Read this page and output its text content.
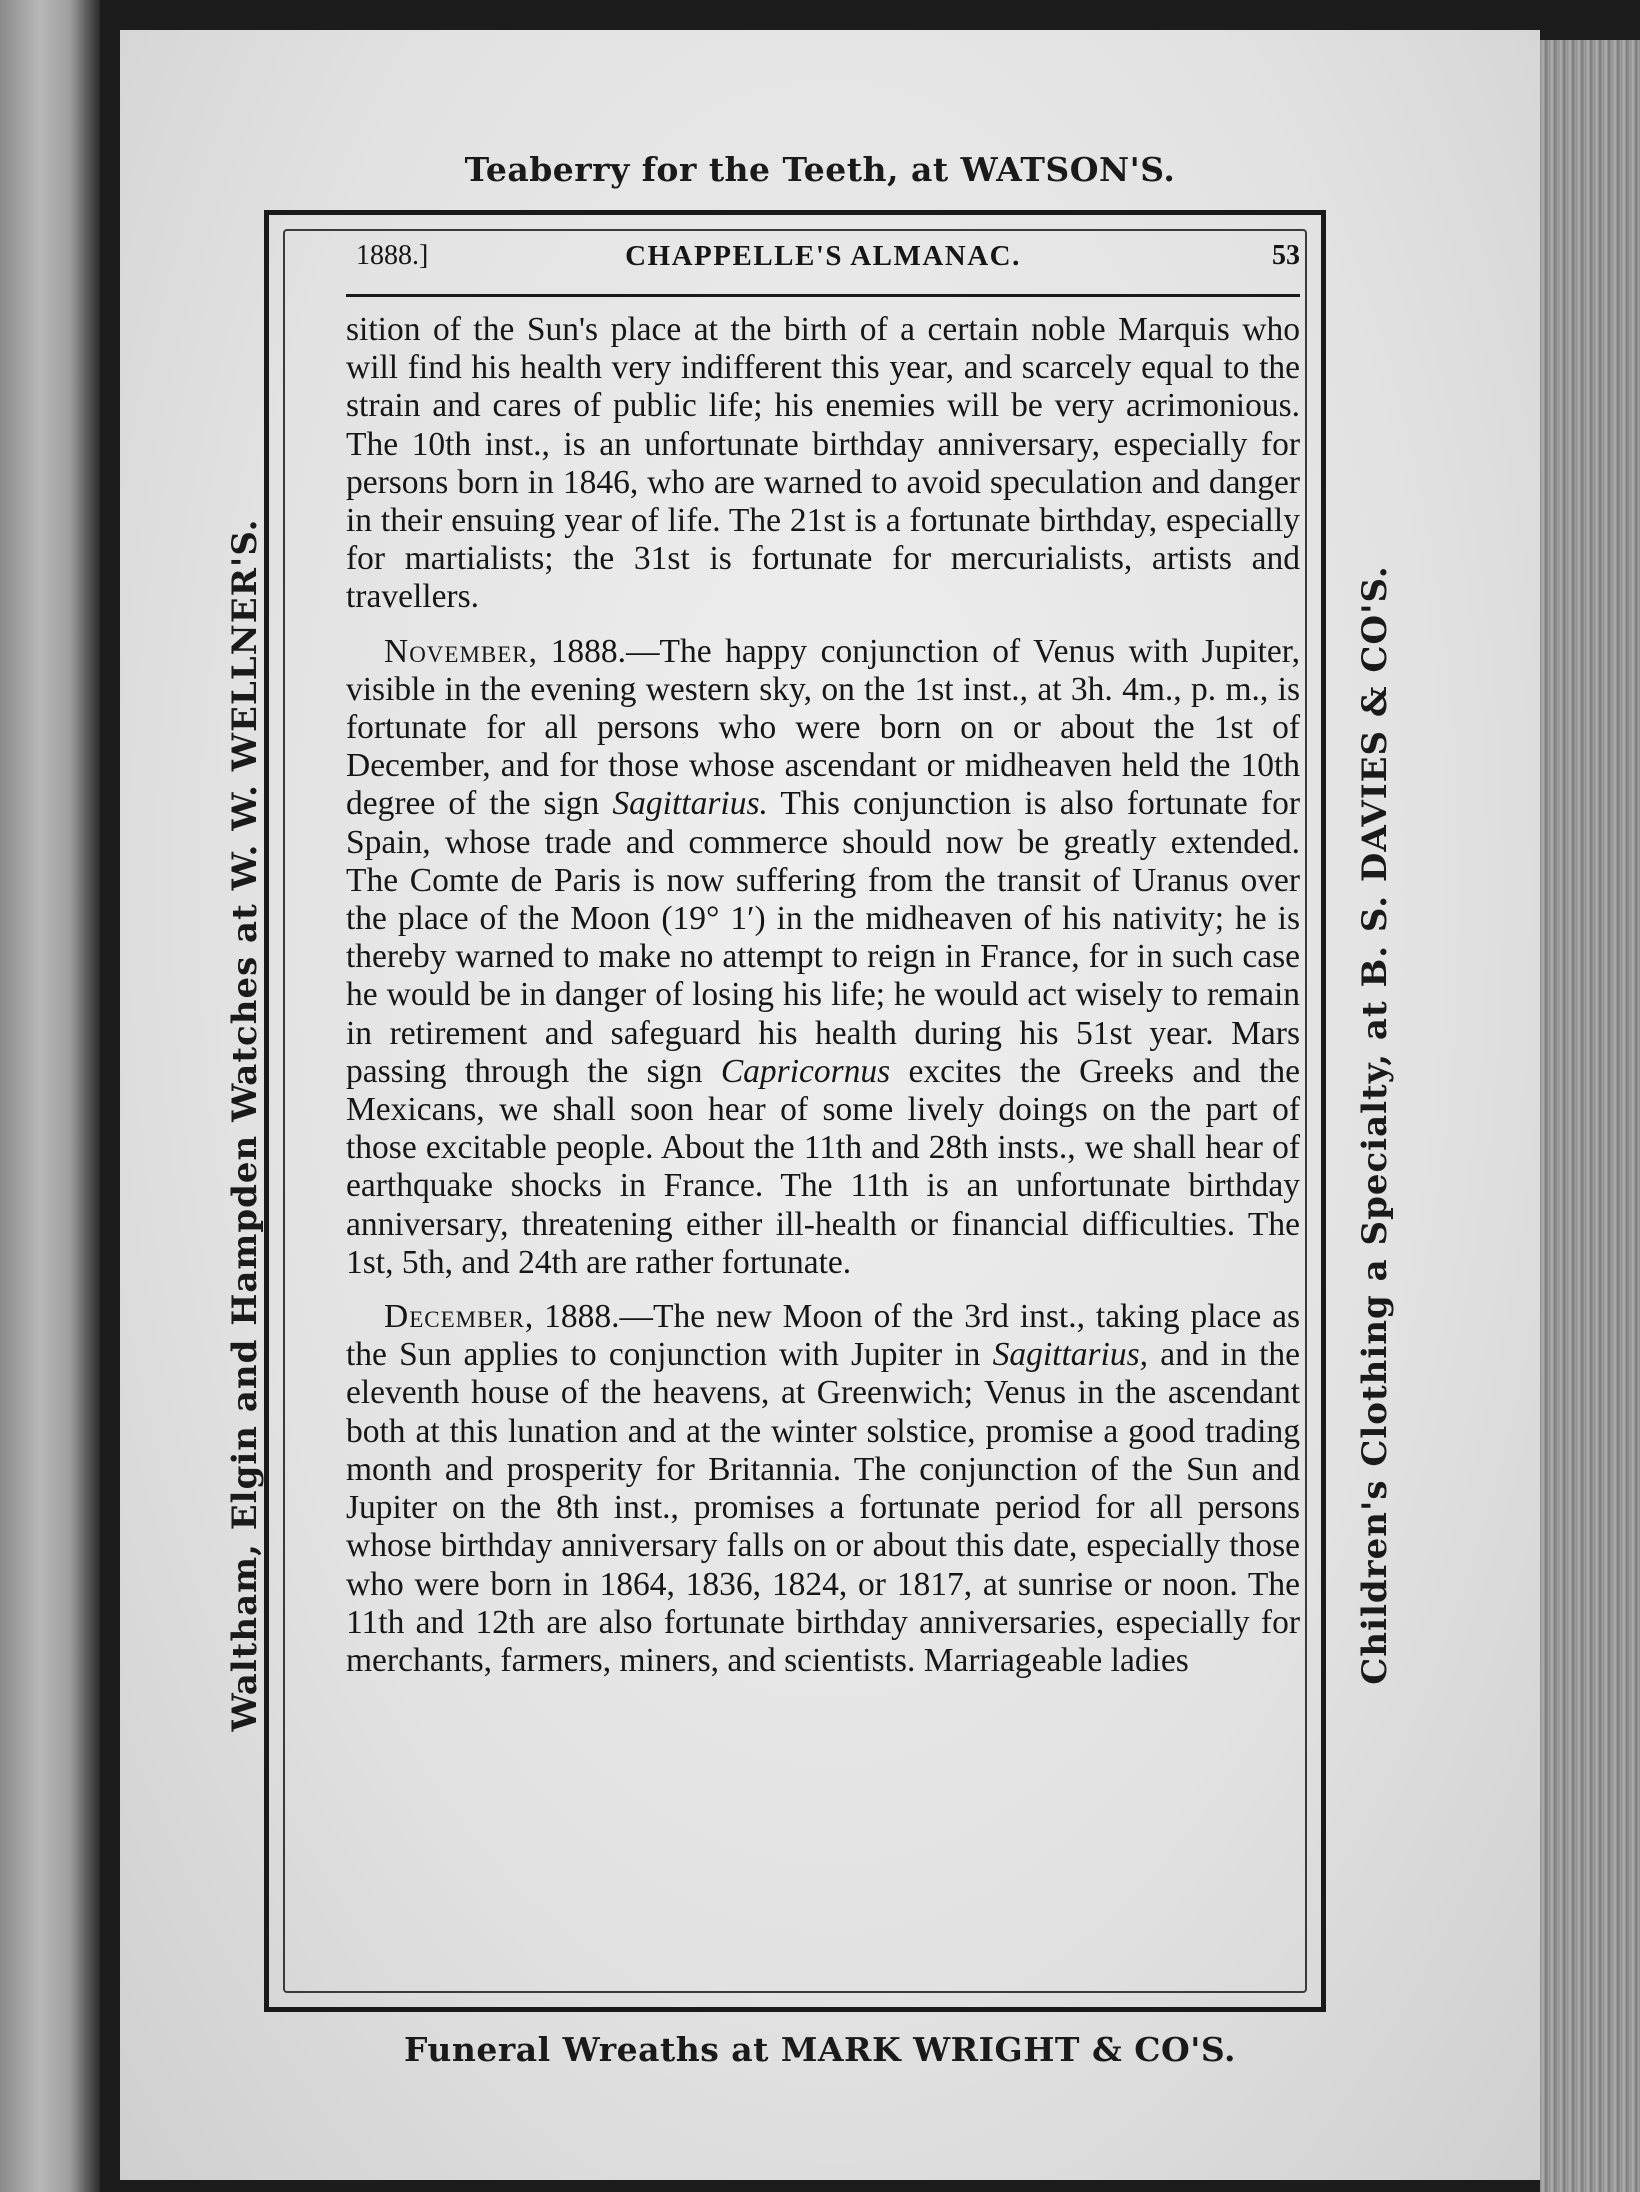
Teaberry for the Teeth, at WATSON'S.
Waltham, Elgin and Hampden Watches at W. W. WELLNER'S.	Children's Clothing a Specialty, at B. S. DAVIES & CO'S.
1888.]	CHAPPELLE'S ALMANAC.	53

sition of the Sun's place at the birth of a certain noble Marquis who will find his health very indifferent this year, and scarcely equal to the strain and cares of public life; his enemies will be very acrimonious. The 10th inst., is an unfortunate birthday anniversary, especially for persons born in 1846, who are warned to avoid speculation and danger in their ensuing year of life. The 21st is a fortunate birthday, especially for martialists; the 31st is fortunate for mercurialists, artists and travellers.

November, 1888.—The happy conjunction of Venus with Jupiter, visible in the evening western sky, on the 1st inst., at 3h. 4m., p. m., is fortunate for all persons who were born on or about the 1st of December, and for those whose ascendant or midheaven held the 10th degree of the sign Sagittarius. This conjunction is also fortunate for Spain, whose trade and commerce should now be greatly extended. The Comte de Paris is now suffering from the transit of Uranus over the place of the Moon (19° 1′) in the midheaven of his nativity; he is thereby warned to make no attempt to reign in France, for in such case he would be in danger of losing his life; he would act wisely to remain in retirement and safeguard his health during his 51st year. Mars passing through the sign Capricornus excites the Greeks and the Mexicans, we shall soon hear of some lively doings on the part of those excitable people. About the 11th and 28th insts., we shall hear of earthquake shocks in France. The 11th is an unfortunate birthday anniversary, threatening either ill-health or financial difficulties. The 1st, 5th, and 24th are rather fortunate.

December, 1888.—The new Moon of the 3rd inst., taking place as the Sun applies to conjunction with Jupiter in Sagittarius, and in the eleventh house of the heavens, at Greenwich; Venus in the ascendant both at this lunation and at the winter solstice, promise a good trading month and prosperity for Britannia. The conjunction of the Sun and Jupiter on the 8th inst., promises a fortunate period for all persons whose birthday anniversary falls on or about this date, especially those who were born in 1864, 1836, 1824, or 1817, at sunrise or noon. The 11th and 12th are also fortunate birthday anniversaries, especially for merchants, farmers, miners, and scientists. Marriageable ladies

Funeral Wreaths at MARK WRIGHT & CO'S.
